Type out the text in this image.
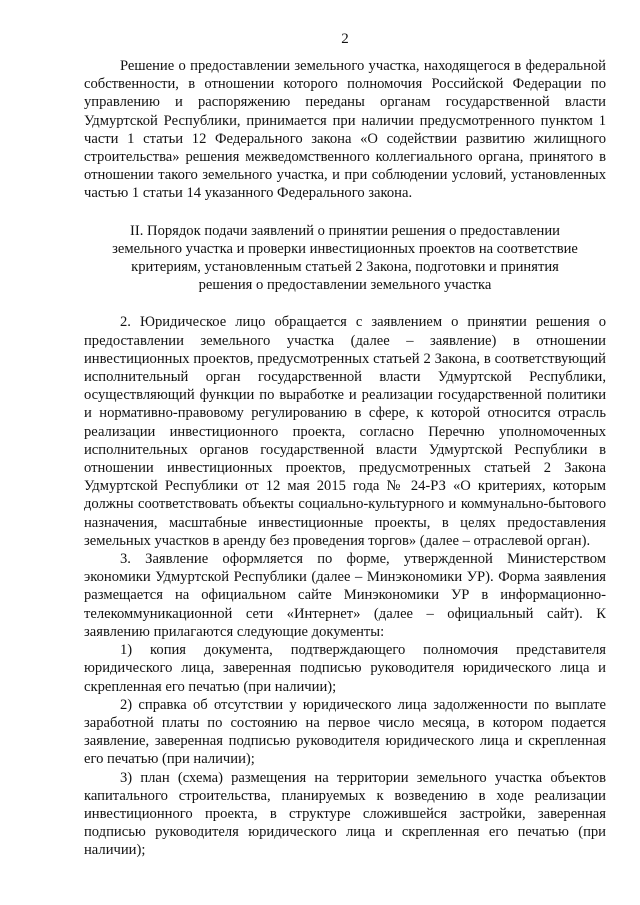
2

Решение о предоставлении земельного участка, находящегося в федеральной собственности, в отношении которого полномочия Российской Федерации по управлению и распоряжению переданы органам государственной власти Удмуртской Республики, принимается при наличии предусмотренного пунктом 1 части 1 статьи 12 Федерального закона «О содействии развитию жилищного строительства» решения межведомственного коллегиального органа, принятого в отношении такого земельного участка, и при соблюдении условий, установленных частью 1 статьи 14 указанного Федерального закона.

II. Порядок подачи заявлений о принятии решения о предоставлении земельного участка и проверки инвестиционных проектов на соответствие критериям, установленным статьей 2 Закона, подготовки и принятия решения о предоставлении земельного участка

2. Юридическое лицо обращается с заявлением о принятии решения о предоставлении земельного участка (далее – заявление) в отношении инвестиционных проектов, предусмотренных статьей 2 Закона, в соответствующий исполнительный орган государственной власти Удмуртской Республики, осуществляющий функции по выработке и реализации государственной политики и нормативно-правовому регулированию в сфере, к которой относится отрасль реализации инвестиционного проекта, согласно Перечню уполномоченных исполнительных органов государственной власти Удмуртской Республики в отношении инвестиционных проектов, предусмотренных статьей 2 Закона Удмуртской Республики от 12 мая 2015 года № 24-РЗ «О критериях, которым должны соответствовать объекты социально-культурного и коммунально-бытового назначения, масштабные инвестиционные проекты, в целях предоставления земельных участков в аренду без проведения торгов» (далее – отраслевой орган).

3. Заявление оформляется по форме, утвержденной Министерством экономики Удмуртской Республики (далее – Минэкономики УР). Форма заявления размещается на официальном сайте Минэкономики УР в информационно-телекоммуникационной сети «Интернет» (далее – официальный сайт). К заявлению прилагаются следующие документы:

1) копия документа, подтверждающего полномочия представителя юридического лица, заверенная подписью руководителя юридического лица и скрепленная его печатью (при наличии);

2) справка об отсутствии у юридического лица задолженности по выплате заработной платы по состоянию на первое число месяца, в котором подается заявление, заверенная подписью руководителя юридического лица и скрепленная его печатью (при наличии);

3) план (схема) размещения на территории земельного участка объектов капитального строительства, планируемых к возведению в ходе реализации инвестиционного проекта, в структуре сложившейся застройки, заверенная подписью руководителя юридического лица и скрепленная его печатью (при наличии);
